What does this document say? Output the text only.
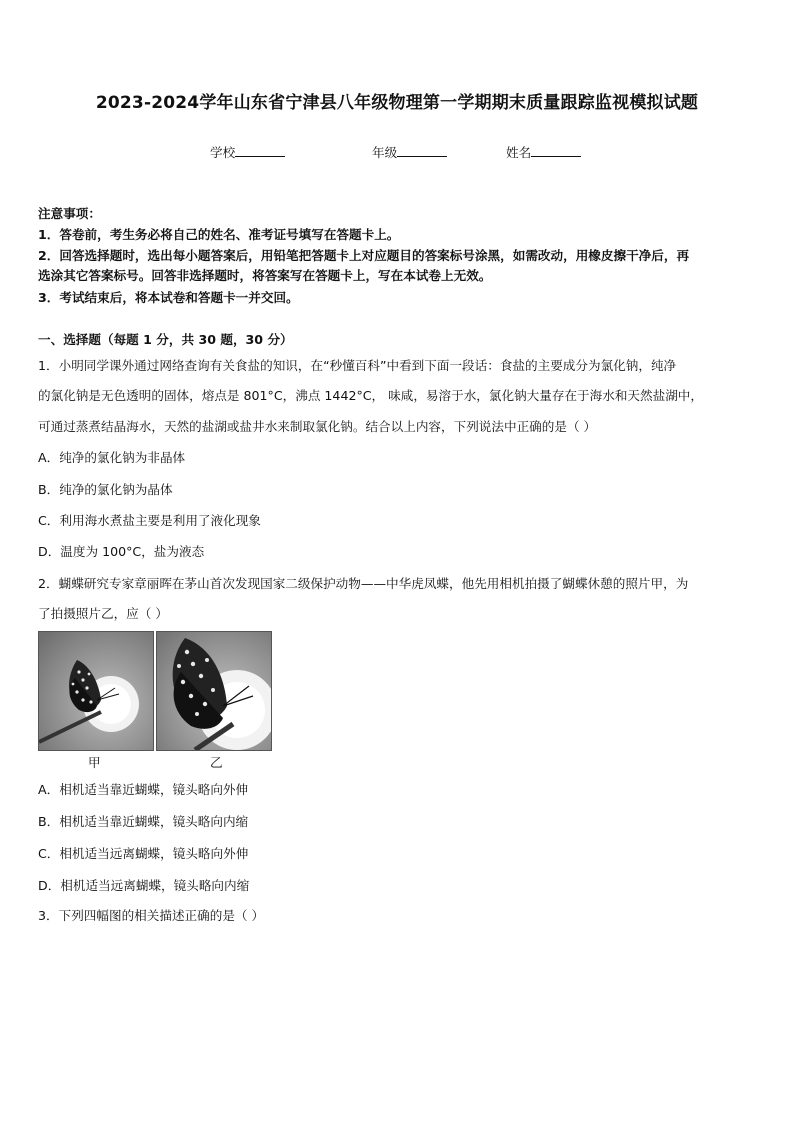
2023-2024学年山东省宁津县八年级物理第一学期期末质量跟踪监视模拟试题
学校	年级	姓名
注意事项：
1．答卷前，考生务必将自己的姓名、准考证号填写在答题卡上。
2．回答选择题时，选出每小题答案后，用铅笔把答题卡上对应题目的答案标号涂黑，如需改动，用橡皮擦干净后，再
选涂其它答案标号。回答非选择题时，将答案写在答题卡上，写在本试卷上无效。
3．考试结束后，将本试卷和答题卡一并交回。
一、选择题（每题 1 分，共 30 题，30 分）
1．小明同学课外通过网络查询有关食盐的知识，在“秒懂百科”中看到下面一段话：食盐的主要成分为氯化钠，纯净
的氯化钠是无色透明的固体，熔点是 801°C，沸点 1442°C， 味咸，易溶于水，氯化钠大量存在于海水和天然盐湖中，
可通过蒸煮结晶海水，天然的盐湖或盐井水来制取氯化钠。结合以上内容，下列说法中正确的是（ ）
A．纯净的氯化钠为非晶体
B．纯净的氯化钠为晶体
C．利用海水煮盐主要是利用了液化现象
D．温度为 100°C，盐为液态
2．蝴蝶研究专家章丽晖在茅山首次发现国家二级保护动物——中华虎凤蝶，他先用相机拍摄了蝴蝶休憩的照片甲，为
了拍摄照片乙，应（ ）
甲	乙
A．相机适当靠近蝴蝶，镜头略向外伸
B．相机适当靠近蝴蝶，镜头略向内缩
C．相机适当远离蝴蝶，镜头略向外伸
D．相机适当远离蝴蝶，镜头略向内缩
3．下列四幅图的相关描述正确的是（ ）
